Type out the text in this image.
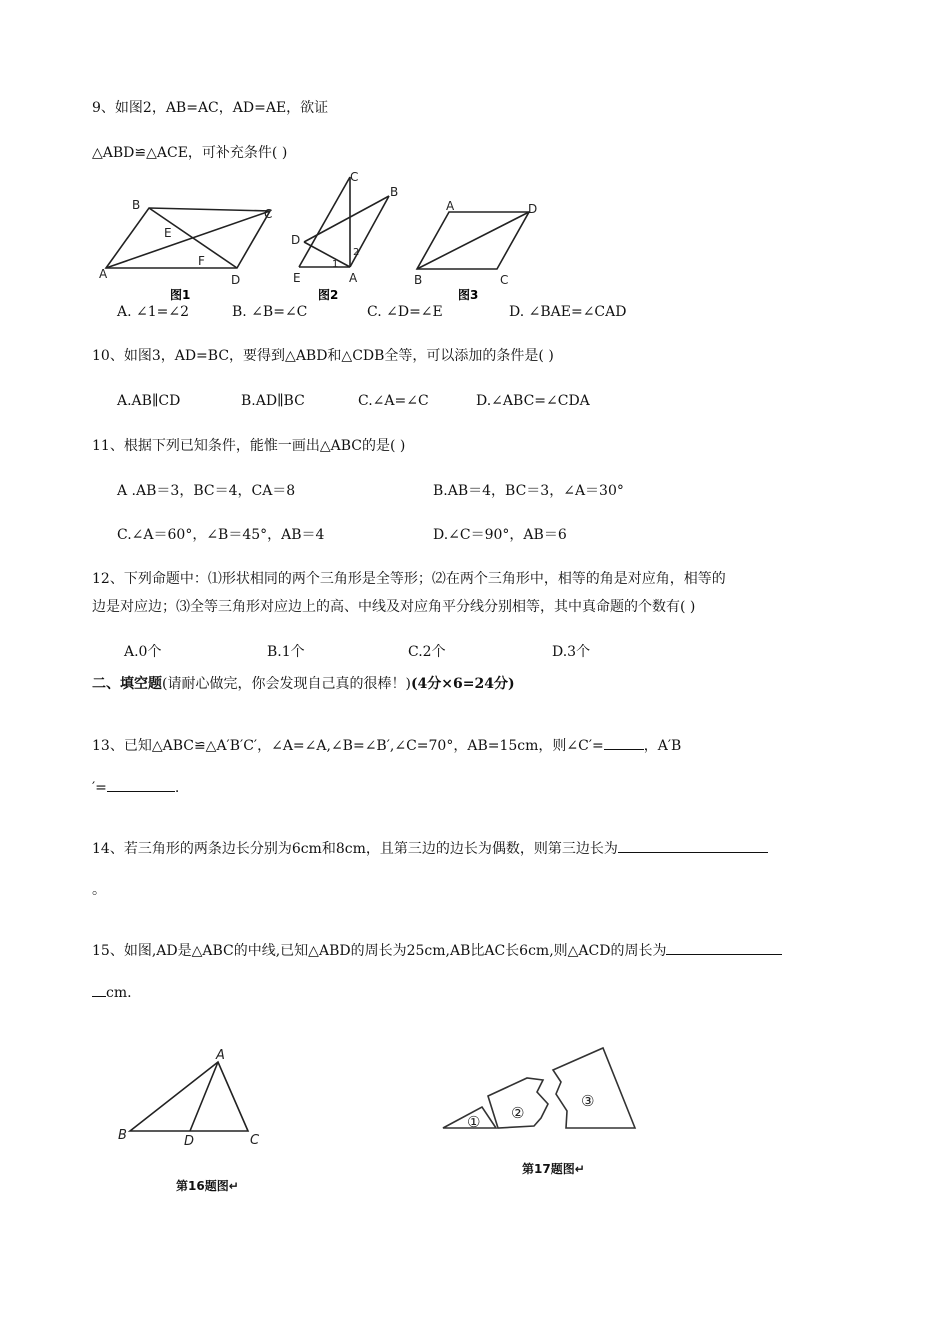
9、如图2，AB=AC，AD=AE，欲证
△ABD≌△ACE，可补充条件( )
B
C
E
F
A	D
图1
C
B
D
2
1
E	A
图2
A	D
B	C
图3
A. ∠1=∠2	B. ∠B=∠C	C. ∠D=∠E	D. ∠BAE=∠CAD
10、如图3，AD=BC，要得到△ABD和△CDB全等，可以添加的条件是( )
A.AB∥CD	B.AD∥BC	C.∠A=∠C	D.∠ABC=∠CDA
11、根据下列已知条件，能惟一画出△ABC的是( )
A .AB＝3，BC＝4，CA＝8	B.AB＝4，BC＝3，∠A＝30°
C.∠A＝60°，∠B＝45°，AB＝4	D.∠C＝90°，AB＝6
12、下列命题中：⑴形状相同的两个三角形是全等形；⑵在两个三角形中，相等的角是对应角，相等的
边是对应边；⑶全等三角形对应边上的高、中线及对应角平分线分别相等，其中真命题的个数有( )
A.0个	B.1个	C.2个	D.3个
二、填空题(请耐心做完，你会发现自己真的很棒！)(4分×6=24分)
13、已知△ABC≌△A′B′C′，∠A=∠A,∠B=∠B′,∠C=70°，AB=15cm，则∠C′=	，A′B
′=	.
14、若三角形的两条边长分别为6cm和8cm，且第三边的边长为偶数，则第三边长为
。
15、如图,AD是△ABC的中线,已知△ABD的周长为25cm,AB比AC长6cm,则△ACD的周长为
cm.
A
B	D	C
第16题图↵
① ②
③
第17题图↵
